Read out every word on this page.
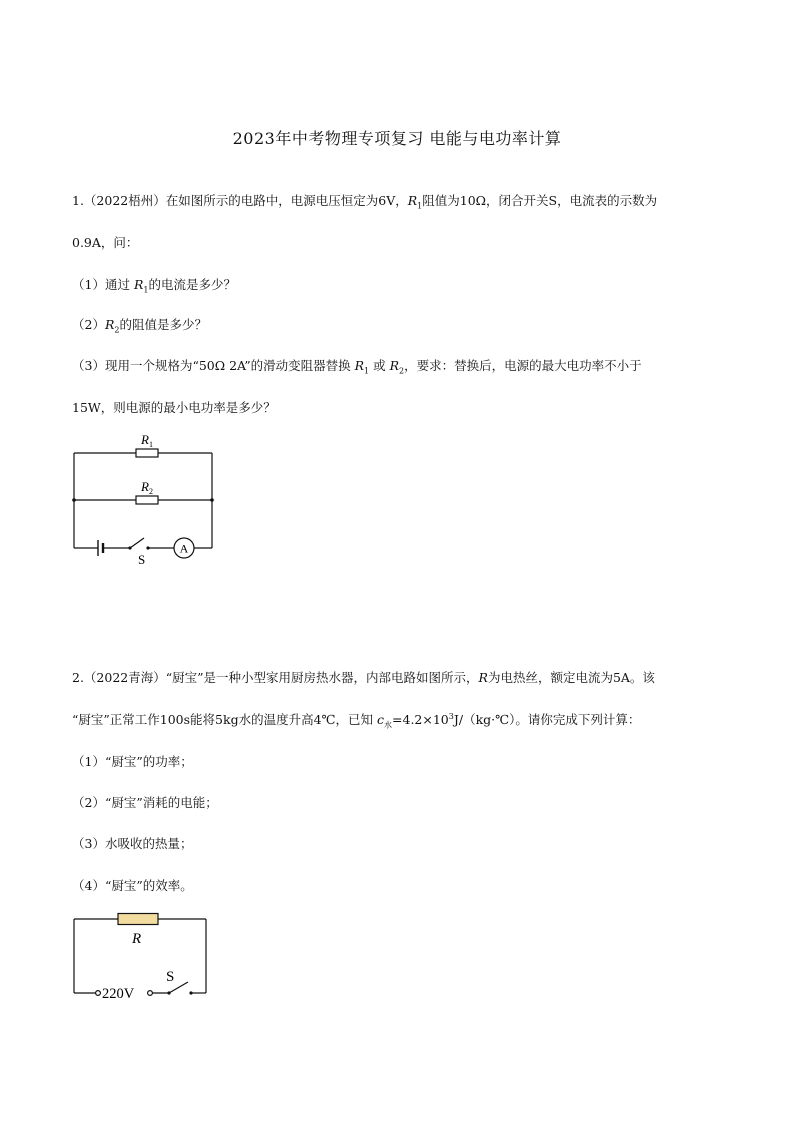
2023年中考物理专项复习 电能与电功率计算
1.（2022梧州）在如图所示的电路中，电源电压恒定为6V，$R_1$阻值为10Ω，闭合开关S，电流表的示数为
0.9A，问：
（1）通过 $R_1$的电流是多少？
$(2)R_2$的阻值是多少？
（3）现用一个规格为“50Ω 2A”的滑动变阻器替换 $R_1$ 或 $R_2$，要求：替换后，电源的最大电功率不小于
15W，则电源的最小电功率是多少？
$R_1$
$R_2$
S
A
2.（2022青海）“厨宝”是一种小型家用厨房热水器，内部电路如图所示，R为电热丝，额定电流为5A。该
“厨宝”正常工作100s能将5kg水的温度升高4℃，已知 $c_水=4.2\times 10^3J/(kg\cdot℃)$。请你完成下列计算：
（1）“厨宝”的功率；
（2）“厨宝”消耗的电能；
（3）水吸收的热量；
（4）“厨宝”的效率。
R
S
220V
